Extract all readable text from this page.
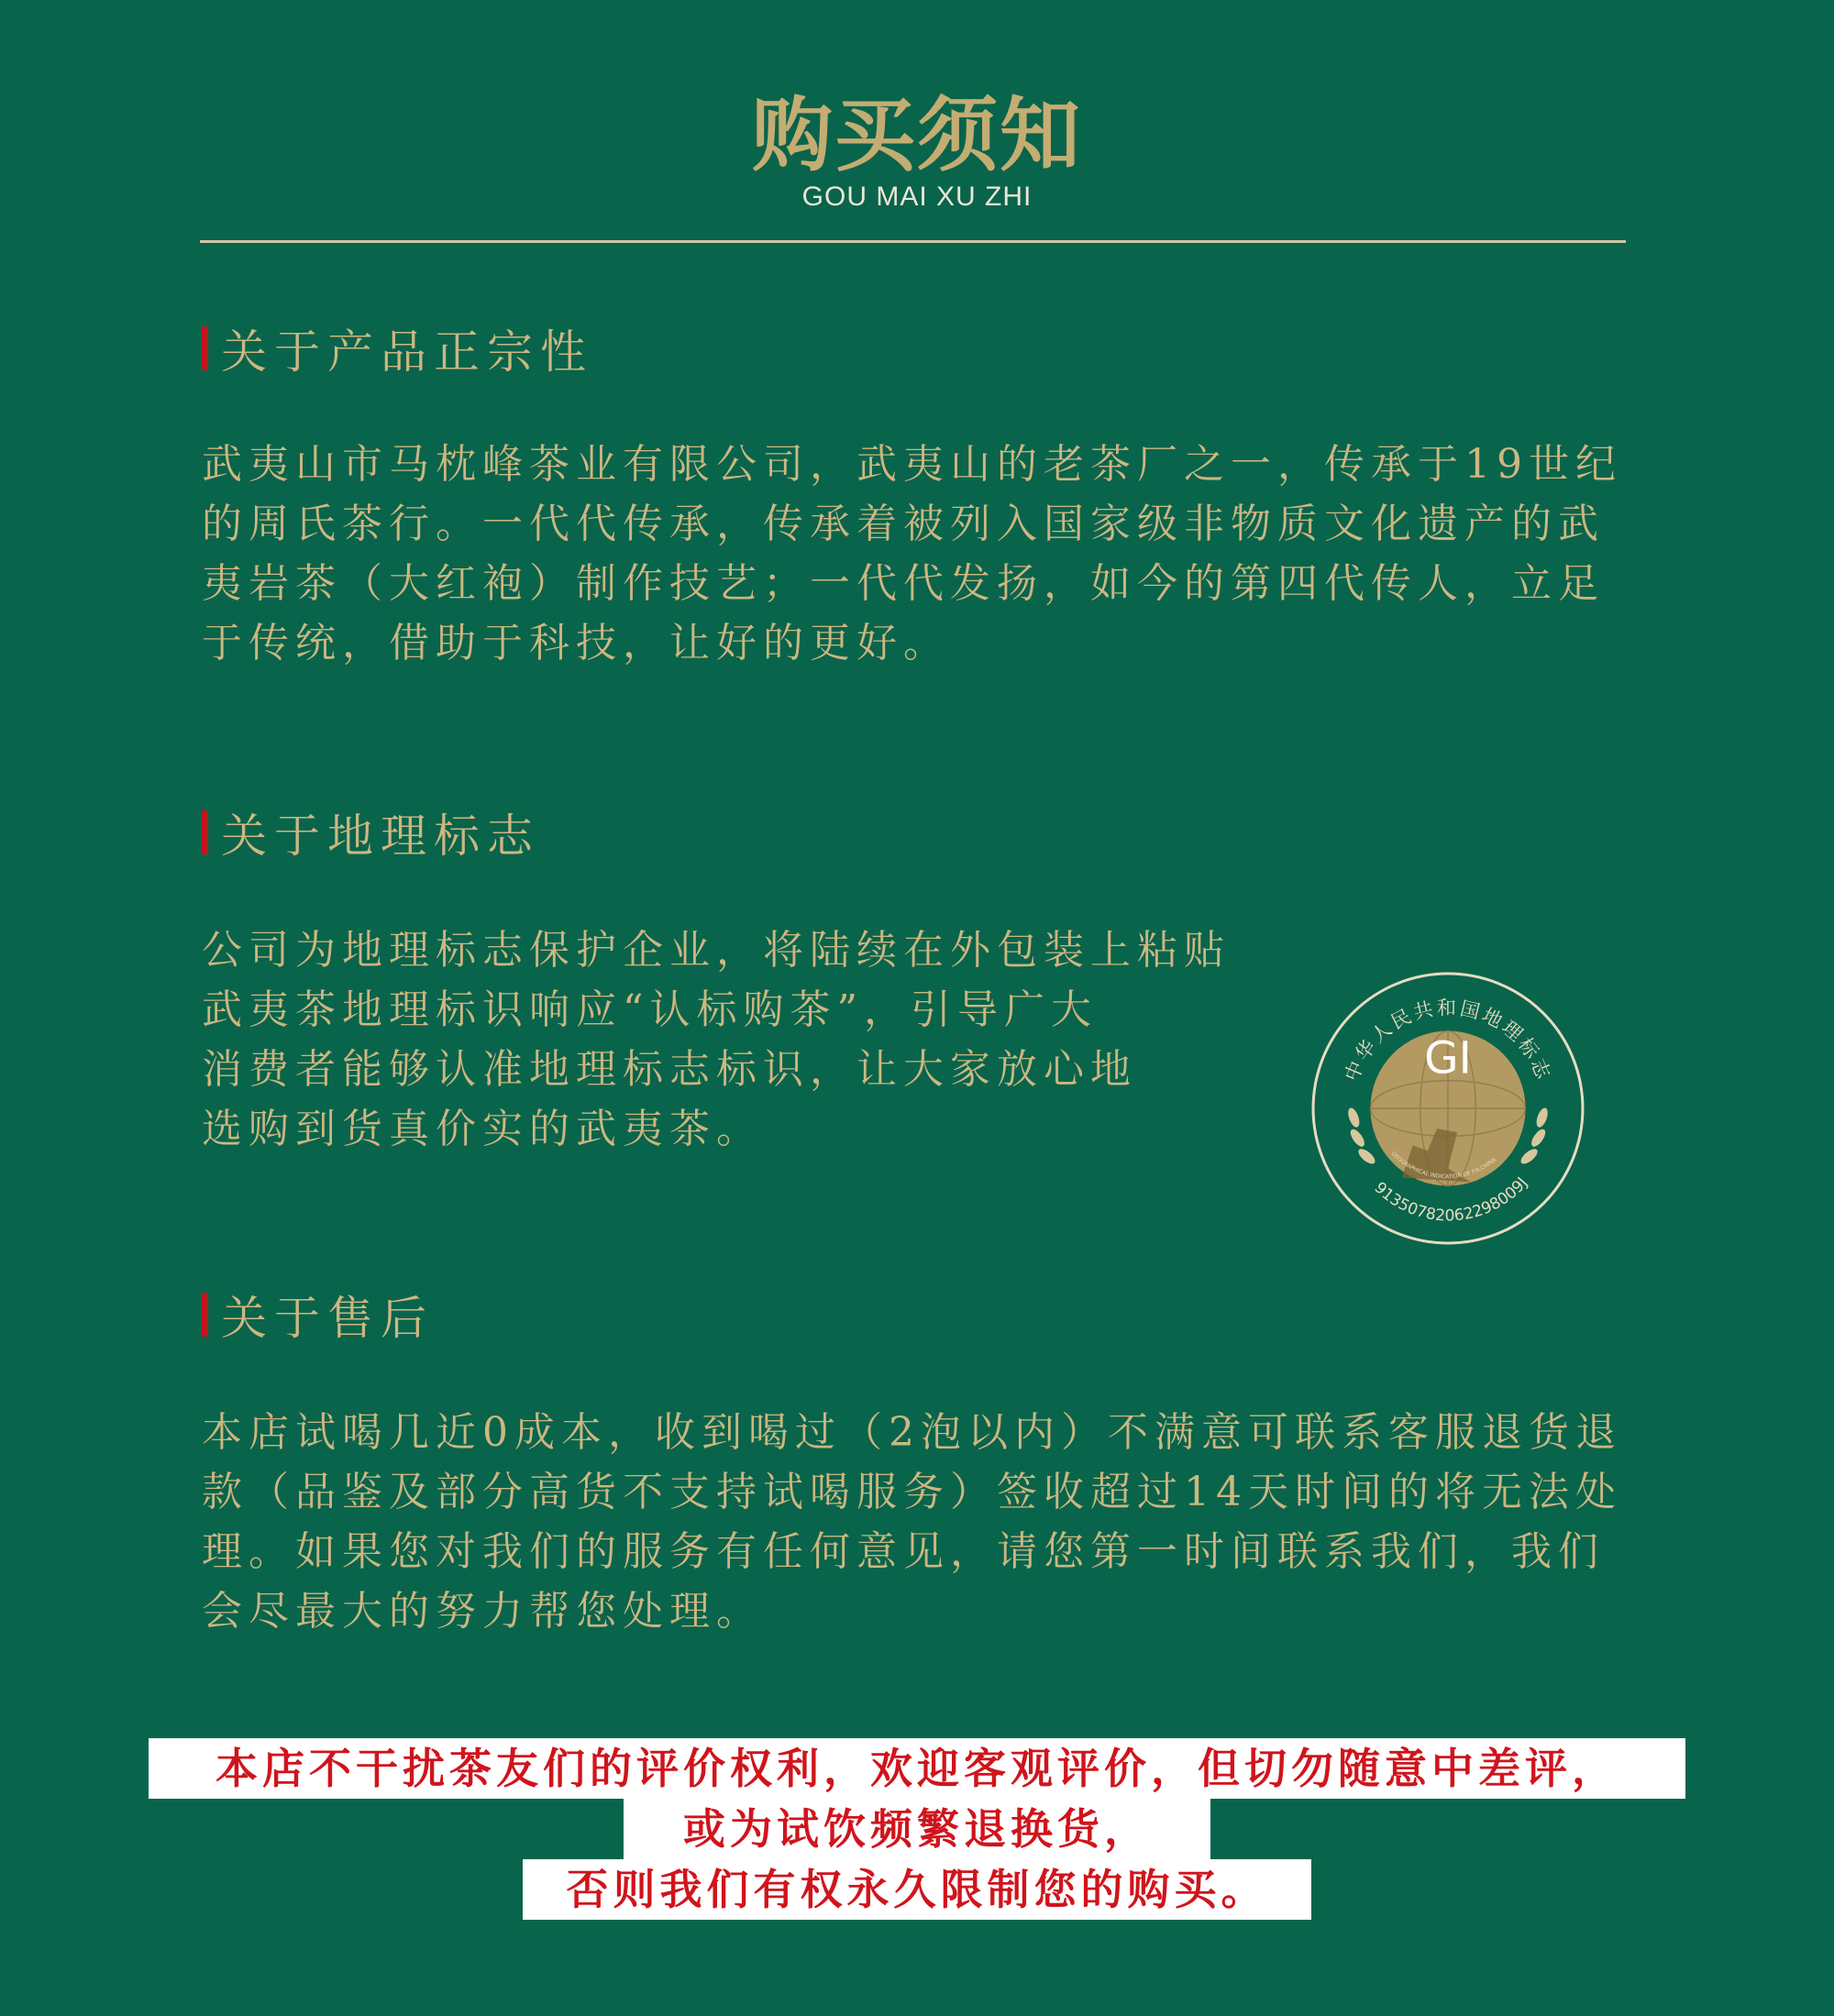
购买须知
GOU MAI XU ZHI
关于产品正宗性

武夷山市马枕峰茶业有限公司，武夷山的老茶厂之一，传承于19世纪
的周氏茶行。一代代传承，传承着被列入国家级非物质文化遗产的武
夷岩茶（大红袍）制作技艺；一代代发扬，如今的第四代传人，立足
于传统，借助于科技，让好的更好。

关于地理标志

公司为地理标志保护企业，将陆续在外包装上粘贴
武夷茶地理标识响应“认标购茶”，引导广大
消费者能够认准地理标志标识，让大家放心地
选购到货真价实的武夷茶。

GI
中华人民共和国地理标志
GEOGRAPHICAL INDICATION OF P.R.CHINA
91350782062298009J
关于售后

本店试喝几近0成本，收到喝过（2泡以内）不满意可联系客服退货退
款（品鉴及部分高货不支持试喝服务）签收超过14天时间的将无法处
理。如果您对我们的服务有任何意见，请您第一时间联系我们，我们
会尽最大的努力帮您处理。

本店不干扰茶友们的评价权利，欢迎客观评价，但切勿随意中差评，
或为试饮频繁退换货，
否则我们有权永久限制您的购买。
